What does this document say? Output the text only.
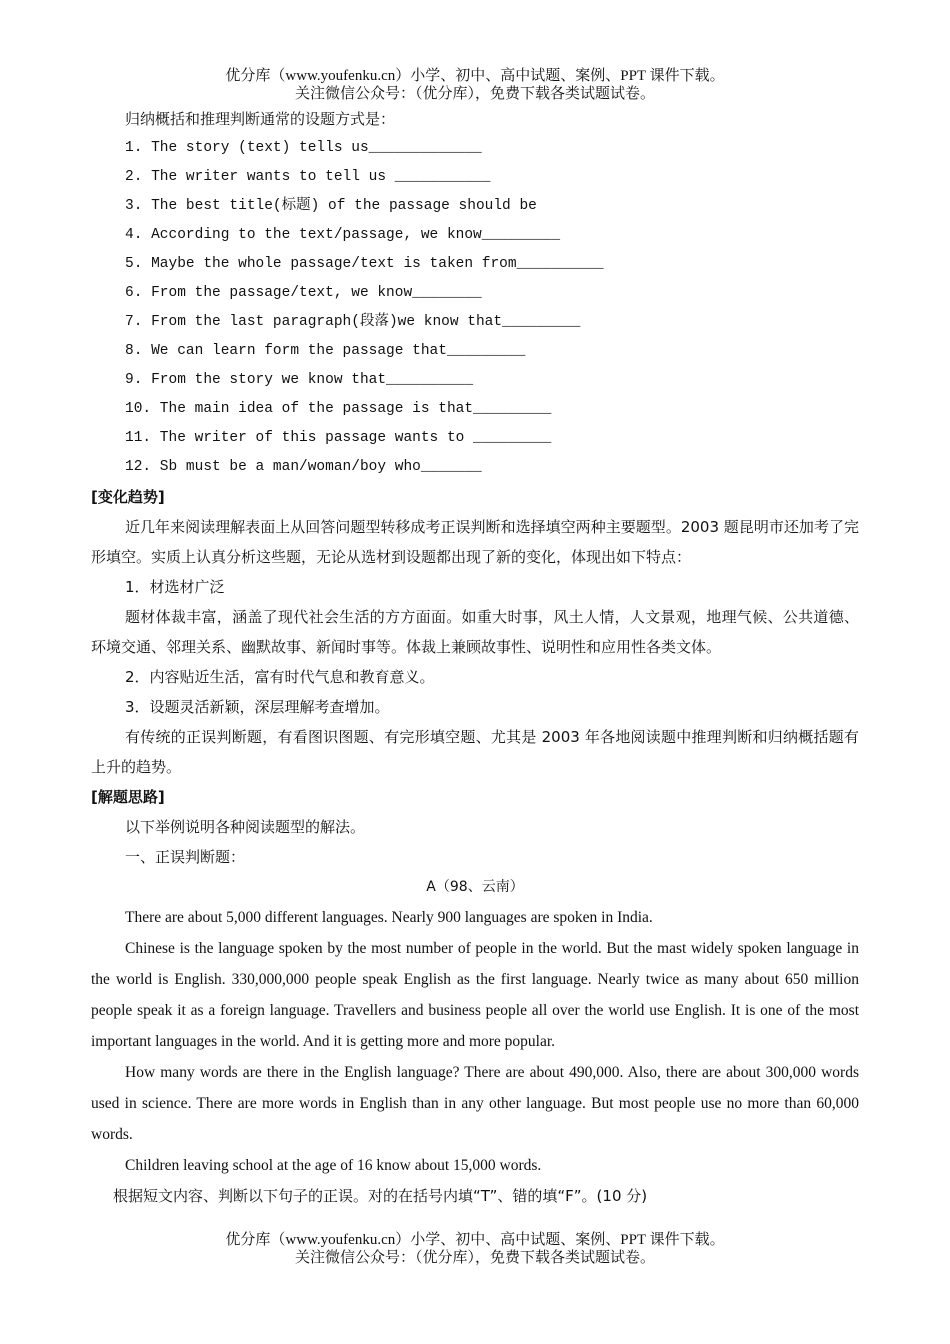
优分库（www.youfenku.cn）小学、初中、高中试题、案例、PPT 课件下载。
关注微信公众号：（优分库），免费下载各类试题试卷。
归纳概括和推理判断通常的设题方式是：
1. The story (text) tells us_____________
2. The writer wants to tell us ___________
3. The best title(标题) of the passage should be
4. According to the text/passage, we know_________
5. Maybe the whole passage/text is taken from__________
6. From the passage/text, we know________
7. From the last paragraph(段落)we know that_________
8. We can learn form the passage that_________
9. From the story we know that__________
10. The main idea of the passage is that_________
11. The writer of this passage wants to _________
12. Sb must be a man/woman/boy who_______
[变化趋势]
近几年来阅读理解表面上从回答问题型转移成考正误判断和选择填空两种主要题型。2003 题昆明市还加考了完形填空。实质上认真分析这些题，无论从选材到设题都出现了新的变化，体现出如下特点：
1．材选材广泛
题材体裁丰富，涵盖了现代社会生活的方方面面。如重大时事，风土人情，人文景观，地理气候、公共道德、环境交通、邻理关系、幽默故事、新闻时事等。体裁上兼顾故事性、说明性和应用性各类文体。
2．内容贴近生活，富有时代气息和教育意义。
3．设题灵活新颖，深层理解考查增加。
有传统的正误判断题，有看图识图题、有完形填空题、尤其是 2003 年各地阅读题中推理判断和归纳概括题有上升的趋势。
[解题思路]
以下举例说明各种阅读题型的解法。
一、正误判断题：
A（98、云南）
There are about 5,000 different languages. Nearly 900 languages are spoken in India.
Chinese is the language spoken by the most number of people in the world. But the mast widely spoken language in the world is English. 330,000,000 people speak English as the first language. Nearly twice as many about 650 million people speak it as a foreign language. Travellers and business people all over the world use English. It is one of the most important languages in the world. And it is getting more and more popular.
How many words are there in the English language? There are about 490,000. Also, there are about 300,000 words used in science. There are more words in English than in any other language. But most people use no more than 60,000 words.
Children leaving school at the age of 16 know about 15,000 words.
根据短文内容、判断以下句子的正误。对的在括号内填“T”、错的填“F”。(10 分)
优分库（www.youfenku.cn）小学、初中、高中试题、案例、PPT 课件下载。
关注微信公众号：（优分库），免费下载各类试题试卷。
